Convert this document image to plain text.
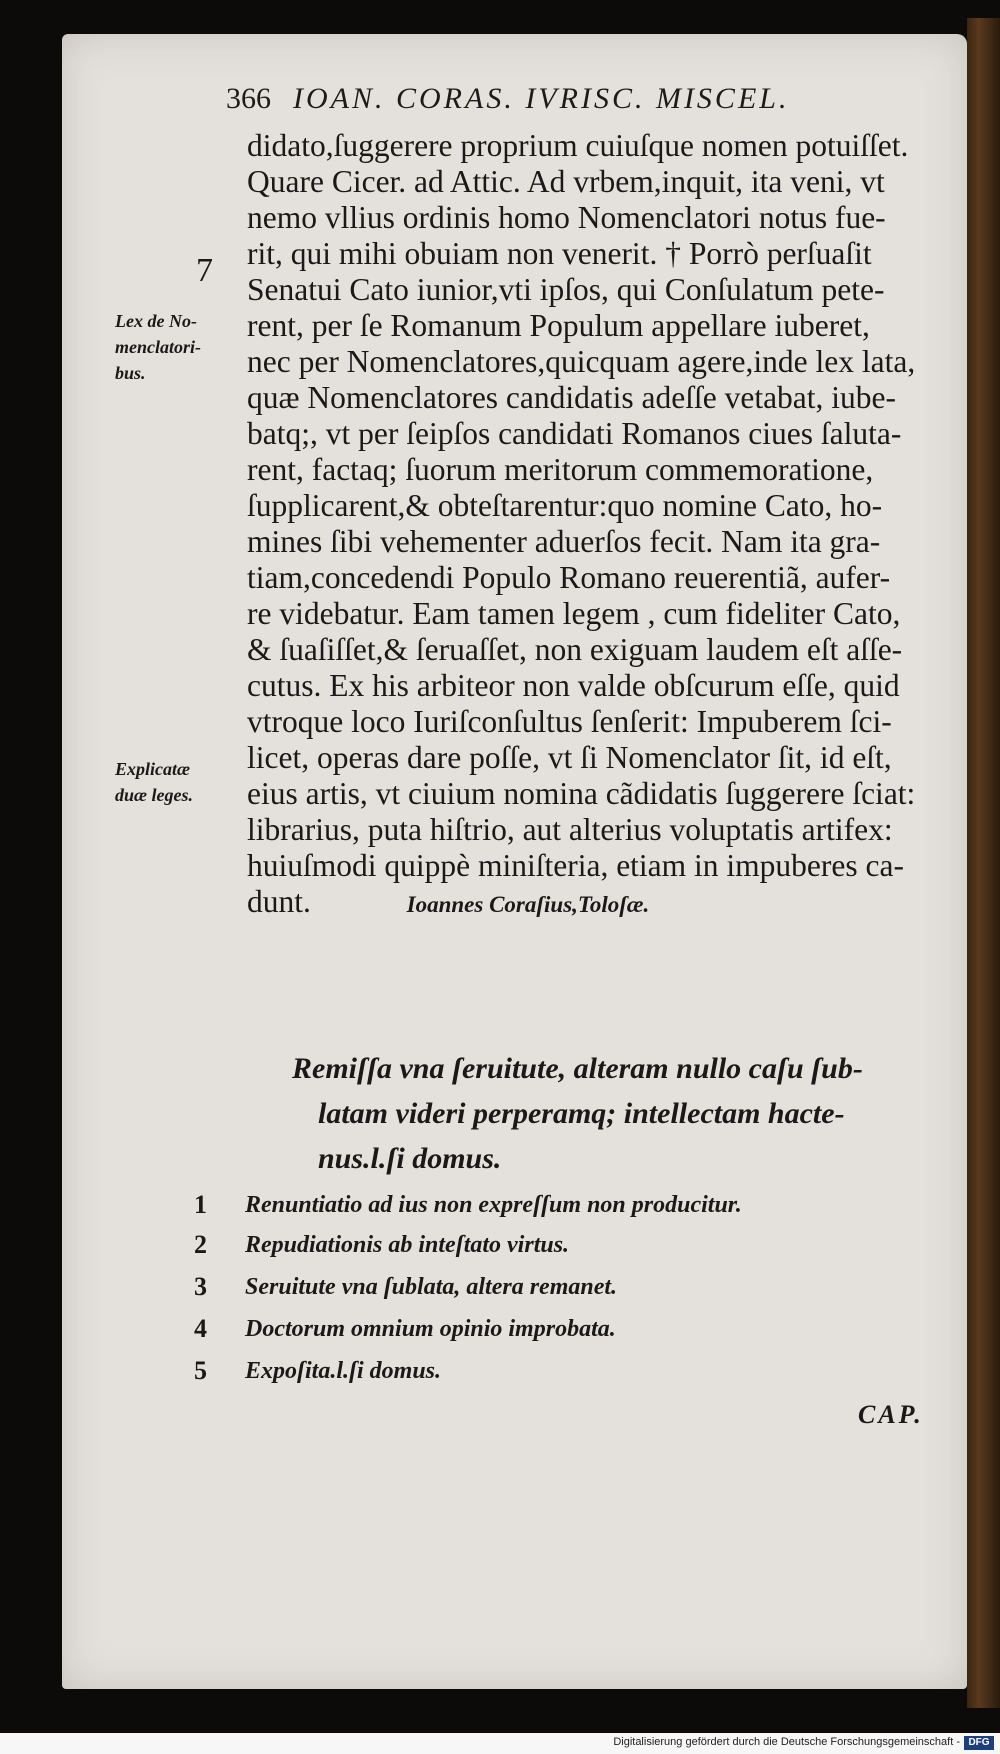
366 IOAN. CORAS. IVRISC. MISCEL.
didato,ſuggerere proprium cuiuſque nomen potuiſſet.
Quare Cicer. ad Attic. Ad vrbem,inquit, ita veni, vt
nemo vllius ordinis homo Nomenclatori notus fue-
rit, qui mihi obuiam non venerit. † Porrò perſuaſit
Senatui Cato iunior,vti ipſos, qui Conſulatum pete-
rent, per ſe Romanum Populum appellare iuberet,
nec per Nomenclatores,quicquam agere,inde lex lata,
quæ Nomenclatores candidatis adeſſe vetabat, iube-
batq;, vt per ſeipſos candidati Romanos ciues ſaluta-
rent, factaq; ſuorum meritorum commemoratione,
ſupplicarent,& obteſtarentur:quo nomine Cato, ho-
mines ſibi vehementer aduerſos fecit. Nam ita gra-
tiam,concedendi Populo Romano reuerentiã, aufer-
re videbatur. Eam tamen legem , cum fideliter Cato,
& ſuaſiſſet,& ſeruaſſet, non exiguam laudem eſt aſſe-
cutus. Ex his arbiteor non valde obſcurum eſſe, quid
vtroque loco Iuriſconſultus ſenſerit: Impuberem ſci-
licet, operas dare poſſe, vt ſi Nomenclator ſit, id eſt,
eius artis, vt ciuium nomina cãdidatis ſuggerere ſciat:
librarius, puta hiſtrio, aut alterius voluptatis artifex:
huiuſmodi quippè miniſteria, etiam in impuberes ca-
dunt.	Ioannes Coraſius,Toloſæ.
7
Lex de No-
menclatori-
bus.
Explicatæ
duæ leges.
Remiſſa vna ſeruitute, alteram nullo caſu ſub-
latam videri perperamq; intellectam hacte-
nus.l.ſi domus.
1 Renuntiatio ad ius non expreſſum non producitur.
2 Repudiationis ab inteſtato virtus.
3 Seruitute vna ſublata, altera remanet.
4 Doctorum omnium opinio improbata.
5 Expoſita.l.ſi domus.
CAP.
Digitalisierung gefördert durch die Deutsche Forschungsgemeinschaft - DFG
